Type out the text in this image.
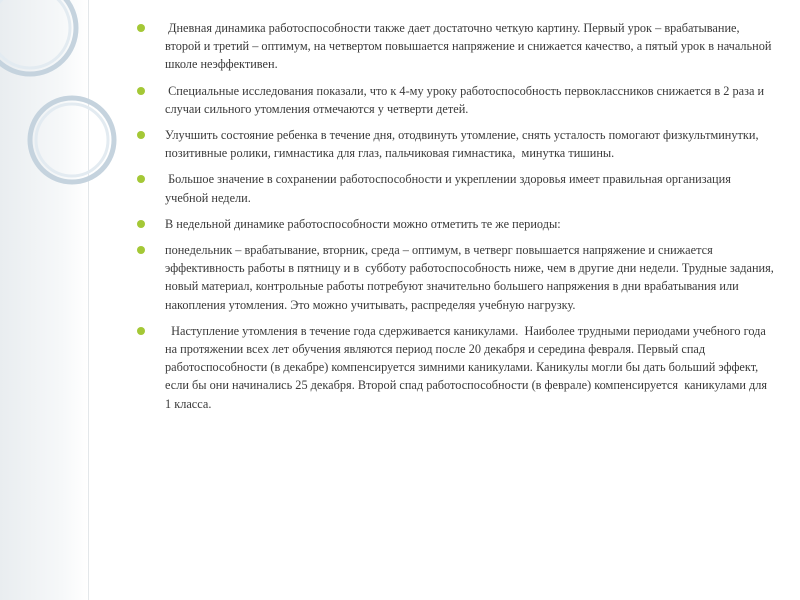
Дневная динамика работоспособности также дает достаточно четкую картину. Первый урок – врабатывание, второй и третий – оптимум, на четвертом повышается напряжение и снижается качество, а пятый урок в начальной школе неэффективен.
Специальные исследования показали, что к 4-му уроку работоспособность первоклассников снижается в 2 раза и случаи сильного утомления отмечаются у четверти детей.
Улучшить состояние ребенка в течение дня, отодвинуть утомление, снять усталость помогают физкультминутки, позитивные ролики, гимнастика для глаз, пальчиковая гимнастика,  минутка тишины.
Большое значение в сохранении работоспособности и укреплении здоровья имеет правильная организация учебной недели.
В недельной динамике работоспособности можно отметить те же периоды:
понедельник – врабатывание, вторник, среда – оптимум, в четверг повышается напряжение и снижается эффективность работы в пятницу и в  субботу работоспособность ниже, чем в другие дни недели. Трудные задания, новый материал, контрольные работы потребуют значительно большего напряжения в дни врабатывания или накопления утомления. Это можно учитывать, распределяя учебную нагрузку.
Наступление утомления в течение года сдерживается каникулами.  Наиболее трудными периодами учебного года на протяжении всех лет обучения являются период после 20 декабря и середина февраля. Первый спад работоспособности (в декабре) компенсируется зимними каникулами. Каникулы могли бы дать больший эффект, если бы они начинались 25 декабря. Второй спад работоспособности (в феврале) компенсируется  каникулами для 1 класса.
